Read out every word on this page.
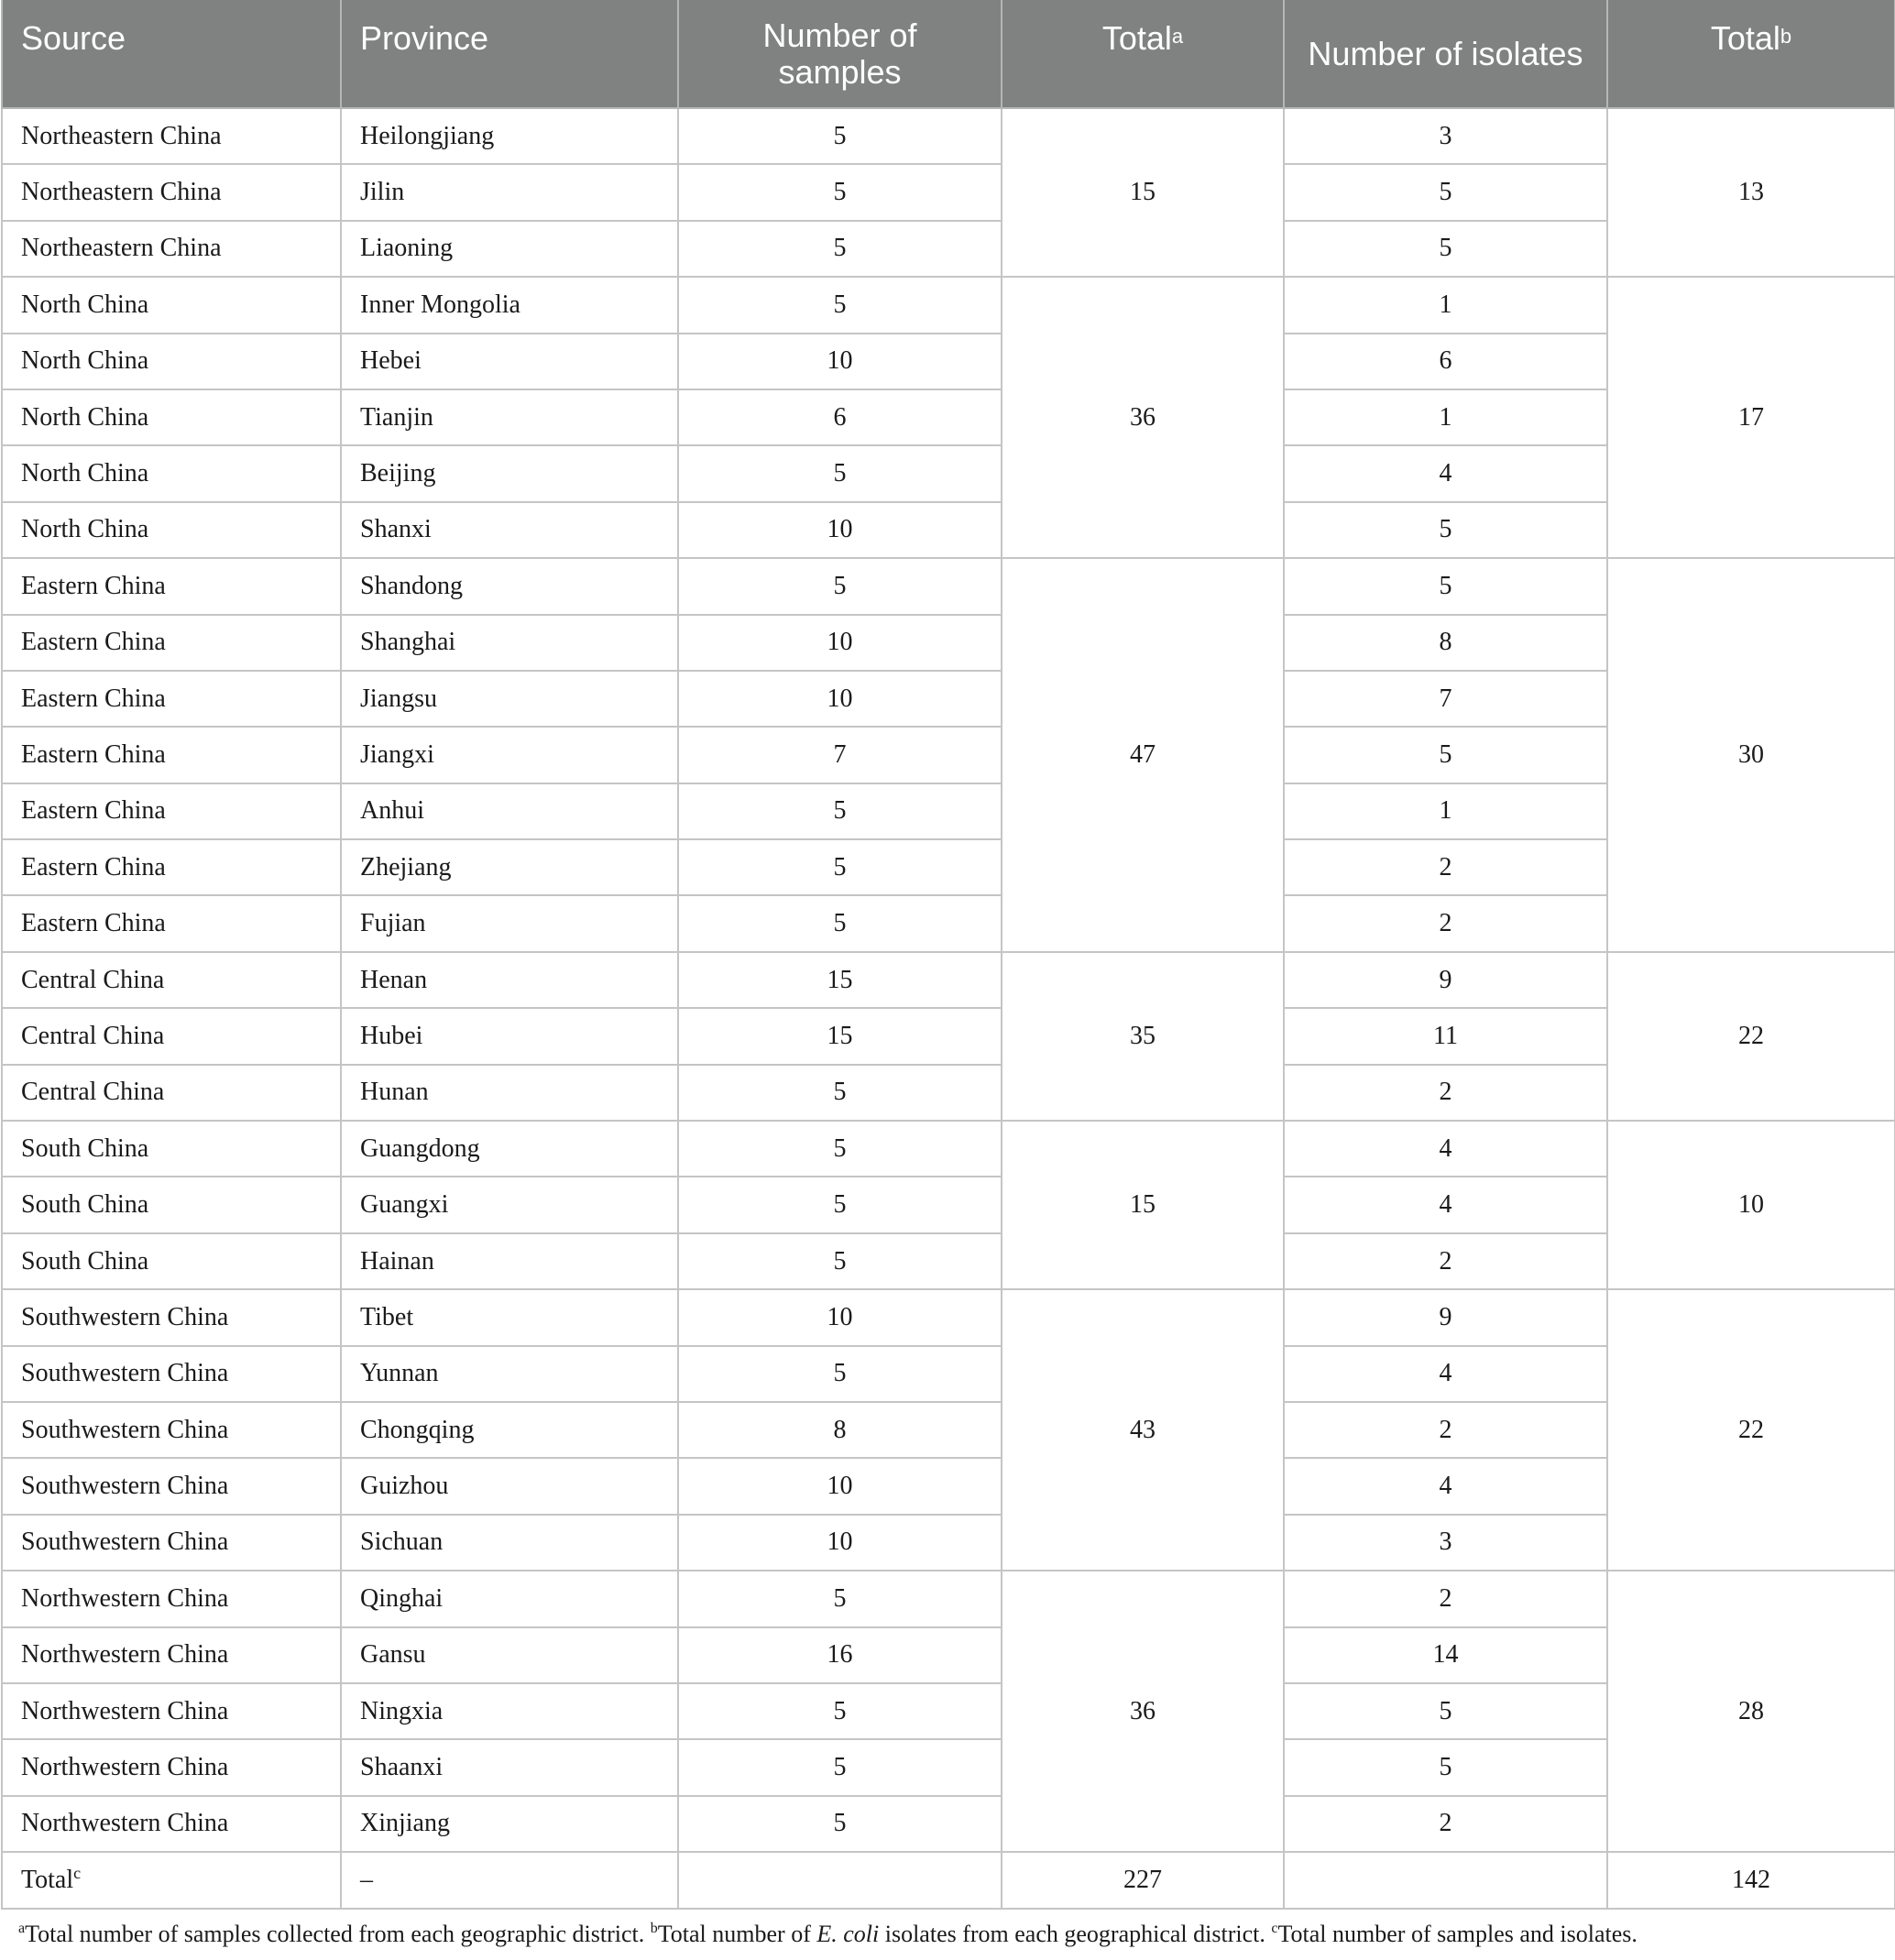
Source	Province	Number of samples	Total$^a$	Number of isolates	Total$^b$
Northeastern China	Heilongjiang	5	15	3	13
Northeastern China	Jilin	5		5	
Northeastern China	Liaoning	5		5	
North China	Inner Mongolia	5	36	1	17
North China	Hebei	10		6	
North China	Tianjin	6		1	
North China	Beijing	5		4	
North China	Shanxi	10		5	
Eastern China	Shandong	5	47	5	30
Eastern China	Shanghai	10		8	
Eastern China	Jiangsu	10		7	
Eastern China	Jiangxi	7		5	
Eastern China	Anhui	5		1	
Eastern China	Zhejiang	5		2	
Eastern China	Fujian	5		2	
Central China	Henan	15	35	9	22
Central China	Hubei	15		11	
Central China	Hunan	5		2	
South China	Guangdong	5	15	4	10
South China	Guangxi	5		4	
South China	Hainan	5		2	
Southwestern China	Tibet	10	43	9	22
Southwestern China	Yunnan	5		4	
Southwestern China	Chongqing	8		2	
Southwestern China	Guizhou	10		4	
Southwestern China	Sichuan	10		3	
Northwestern China	Qinghai	5	36	2	28
Northwestern China	Gansu	16		14	
Northwestern China	Ningxia	5		5	
Northwestern China	Shaanxi	5		5	
Northwestern China	Xinjiang	5		2	
Total$^c$	–		227		142
$^a$Total number of samples collected from each geographic district. $^b$Total number of E. coli isolates from each geographical district. $^c$Total number of samples and isolates.
